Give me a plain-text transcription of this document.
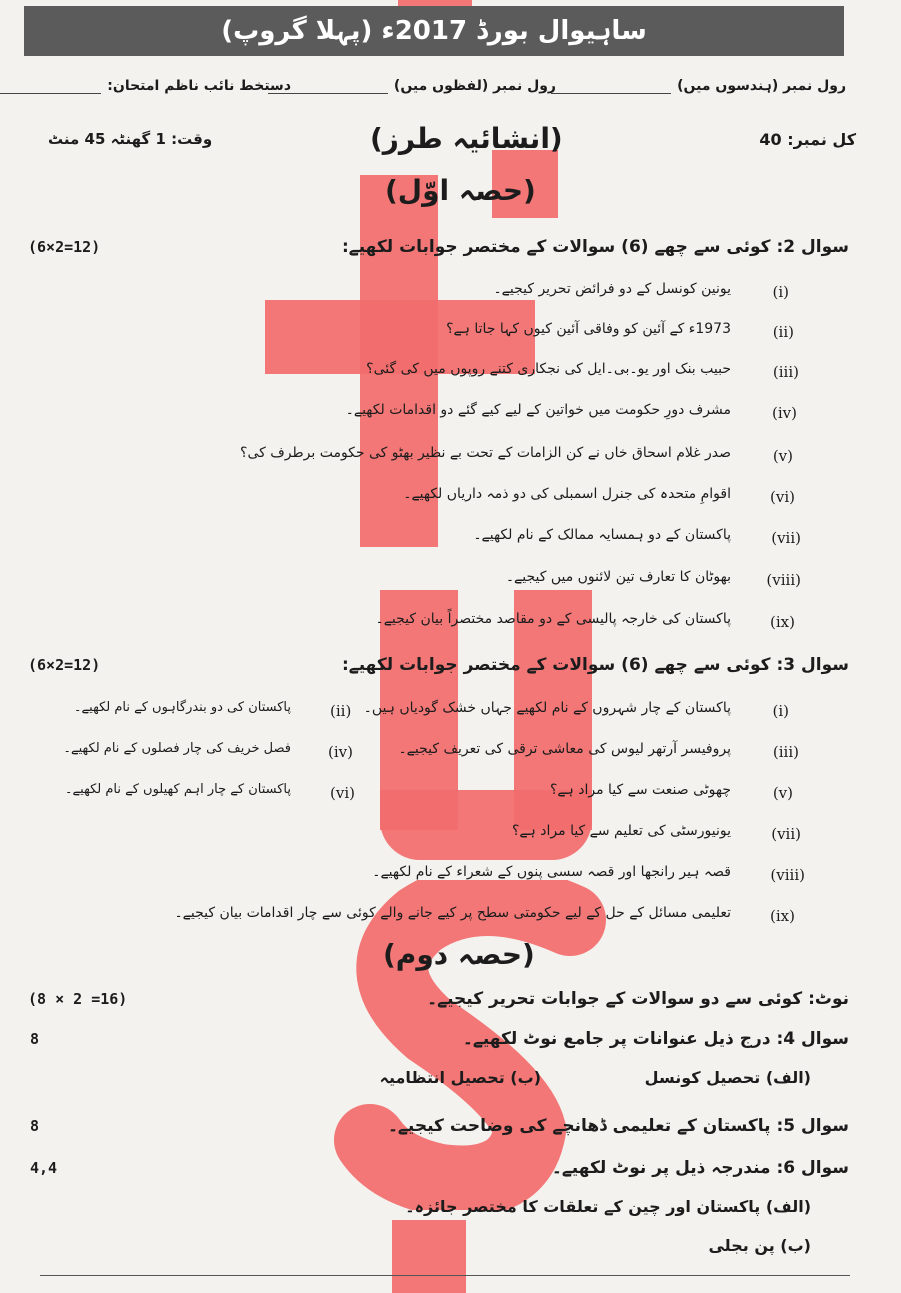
ساہیوال بورڈ 2017ء (پہلا گروپ)
رول نمبر (ہندسوں میں)
رول نمبر (لفظوں میں)
دستخط نائب ناظم امتحان:
کل نمبر: 40
(انشائیہ طرز)
وقت: 1 گھنٹہ 45 منٹ
(حصہ اوّل)
سوال 2: کوئی سے چھے (6) سوالات کے مختصر جوابات لکھیے:
(6×2=12)
یونین کونسل کے دو فرائض تحریر کیجیے۔	(i)
1973ء کے آئین کو وفاقی آئین کیوں کہا جاتا ہے؟	(ii)
حبیب بنک اور یو۔بی۔ایل کی نجکاری کتنے روپوں میں کی گئی؟	(iii)
مشرف دورِ حکومت میں خواتین کے لیے کیے گئے دو اقدامات لکھیے۔	(iv)
صدر غلام اسحاق خاں نے کن الزامات کے تحت بے نظیر بھٹو کی حکومت برطرف کی؟	(v)
اقوامِ متحدہ کی جنرل اسمبلی کی دو ذمہ داریاں لکھیے۔	(vi)
پاکستان کے دو ہمسایہ ممالک کے نام لکھیے۔	(vii)
بھوٹان کا تعارف تین لائنوں میں کیجیے۔ (viii)
پاکستان کی خارجہ پالیسی کے دو مقاصد مختصراً بیان کیجیے۔	(ix)
سوال 3: کوئی سے چھے (6) سوالات کے مختصر جوابات لکھیے:
(6×2=12)
پاکستان کے چار شہروں کے نام لکھیے جہاں خشک گودیاں ہیں۔	(i)
پروفیسر آرتھر لیوس کی معاشی ترقی کی تعریف کیجیے۔	(iii)
چھوٹی صنعت سے کیا مراد ہے؟	(v)
یونیورسٹی کی تعلیم سے کیا مراد ہے؟	(vii)
قصہ ہیر رانجھا اور قصہ سسی پنوں کے شعراء کے نام لکھیے۔	(viii)
تعلیمی مسائل کے حل کے لیے حکومتی سطح پر کیے جانے والے کوئی سے چار اقدامات بیان کیجیے۔	(ix)
پاکستان کی دو بندرگاہوں کے نام لکھیے۔	(ii)
فصل خریف کی چار فصلوں کے نام لکھیے۔ (iv)
پاکستان کے چار اہم کھیلوں کے نام لکھیے۔	(vi)
(حصہ دوم)
نوٹ: کوئی سے دو سوالات کے جوابات تحریر کیجیے۔
(8 × 2 =16)
سوال 4: درج ذیل عنوانات پر جامع نوٹ لکھیے۔
8
(الف) تحصیل کونسل
(ب) تحصیل انتظامیہ
سوال 5: پاکستان کے تعلیمی ڈھانچے کی وضاحت کیجیے۔
8
سوال 6: مندرجہ ذیل پر نوٹ لکھیے۔
4,4
(الف) پاکستان اور چین کے تعلقات کا مختصر جائزہ۔
(ب) پن بجلی
